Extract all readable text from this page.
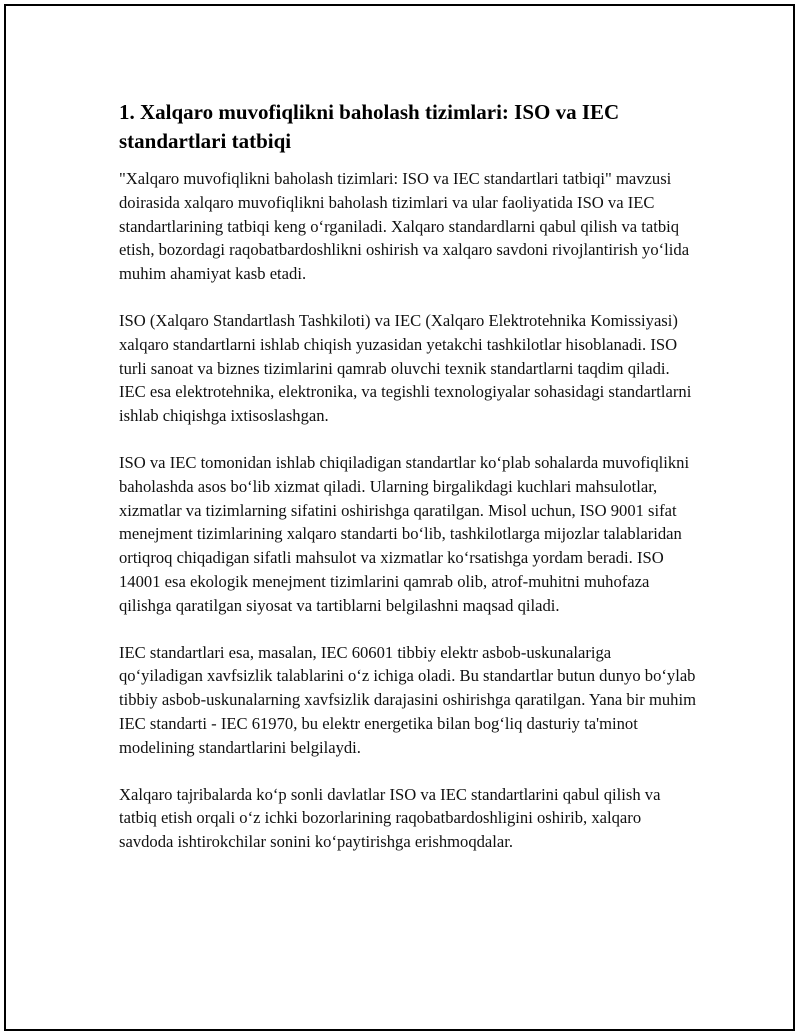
1. Xalqaro muvofiqlikni baholash tizimlari: ISO va IEC standartlari tatbiqi

"Xalqaro muvofiqlikni baholash tizimlari: ISO va IEC standartlari tatbiqi" mavzusi doirasida xalqaro muvofiqlikni baholash tizimlari va ular faoliyatida ISO va IEC standartlarining tatbiqi keng o‘rganiladi. Xalqaro standardlarni qabul qilish va tatbiq etish, bozordagi raqobatbardoshlikni oshirish va xalqaro savdoni rivojlantirish yo‘lida muhim ahamiyat kasb etadi.

ISO (Xalqaro Standartlash Tashkiloti) va IEC (Xalqaro Elektrotehnika Komissiyasi) xalqaro standartlarni ishlab chiqish yuzasidan yetakchi tashkilotlar hisoblanadi. ISO turli sanoat va biznes tizimlarini qamrab oluvchi texnik standartlarni taqdim qiladi. IEC esa elektrotehnika, elektronika, va tegishli texnologiyalar sohasidagi standartlarni ishlab chiqishga ixtisoslashgan.

ISO va IEC tomonidan ishlab chiqiladigan standartlar ko‘plab sohalarda muvofiqlikni baholashda asos bo‘lib xizmat qiladi. Ularning birgalikdagi kuchlari mahsulotlar, xizmatlar va tizimlarning sifatini oshirishga qaratilgan. Misol uchun, ISO 9001 sifat menejment tizimlarining xalqaro standarti bo‘lib, tashkilotlarga mijozlar talablaridan ortiqroq chiqadigan sifatli mahsulot va xizmatlar ko‘rsatishga yordam beradi. ISO 14001 esa ekologik menejment tizimlarini qamrab olib, atrof-muhitni muhofaza qilishga qaratilgan siyosat va tartiblarni belgilashni maqsad qiladi.

IEC standartlari esa, masalan, IEC 60601 tibbiy elektr asbob-uskunalariga qo‘yiladigan xavfsizlik talablarini o‘z ichiga oladi. Bu standartlar butun dunyo bo‘ylab tibbiy asbob-uskunalarning xavfsizlik darajasini oshirishga qaratilgan. Yana bir muhim IEC standarti - IEC 61970, bu elektr energetika bilan bog‘liq dasturiy ta'minot modelining standartlarini belgilaydi.

Xalqaro tajribalarda ko‘p sonli davlatlar ISO va IEC standartlarini qabul qilish va tatbiq etish orqali o‘z ichki bozorlarining raqobatbardoshligini oshirib, xalqaro savdoda ishtirokchilar sonini ko‘paytirishga erishmoqdalar.
